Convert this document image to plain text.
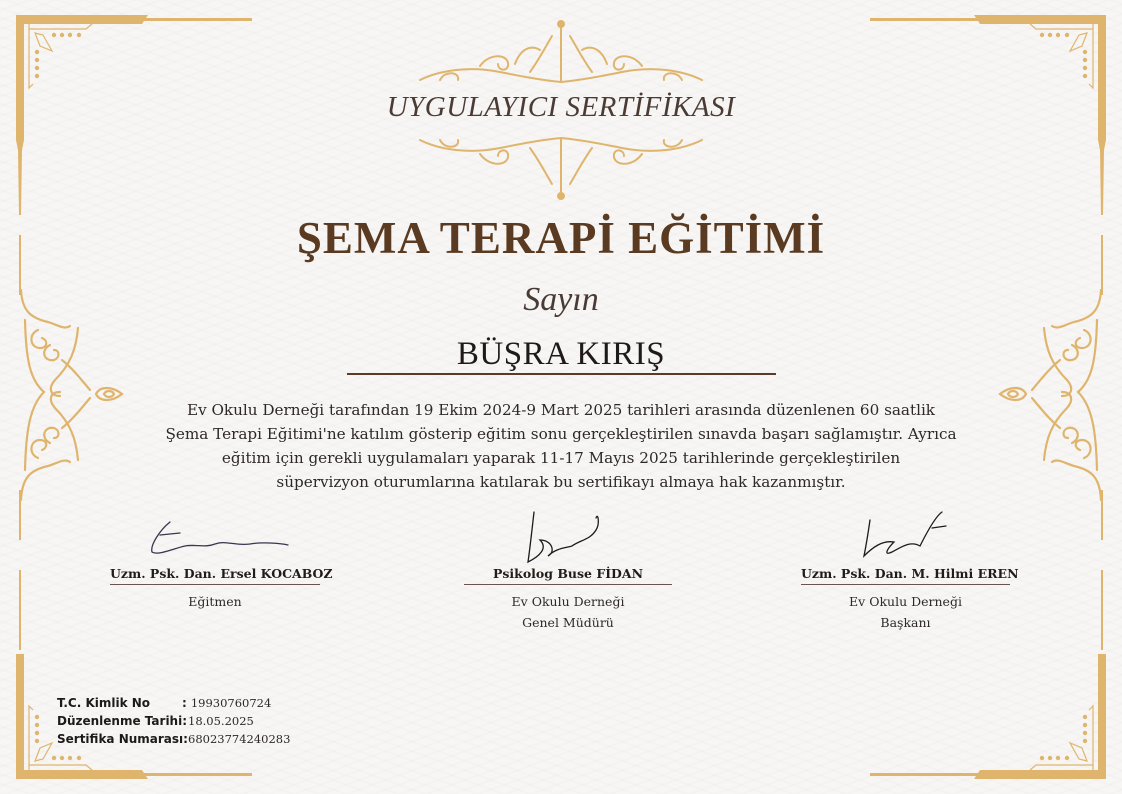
UYGULAYICI SERTİFİKASI
ŞEMA TERAPİ EĞİTİMİ
Sayın
BÜŞRA KIRIŞ
Ev Okulu Derneği tarafından 19 Ekim 2024-9 Mart 2025 tarihleri arasında düzenlenen 60 saatlik
Şema Terapi Eğitimi'ne katılım gösterip eğitim sonu gerçekleştirilen sınavda başarı sağlamıştır. Ayrıca
eğitim için gerekli uygulamaları yaparak 11-17 Mayıs 2025 tarihlerinde gerçekleştirilen
süpervizyon oturumlarına katılarak bu sertifikayı almaya hak kazanmıştır.
Uzm. Psk. Dan. Ersel KOCABOZ
Eğitmen
Psikolog Buse FİDAN
Ev Okulu Derneği
Genel Müdürü
Uzm. Psk. Dan. M. Hilmi EREN
Ev Okulu Derneği
Başkanı
T.C. Kimlik No	: 19930760724
Düzenlenme Tarihi:18.05.2025
Sertifika Numarası:68023774240283
